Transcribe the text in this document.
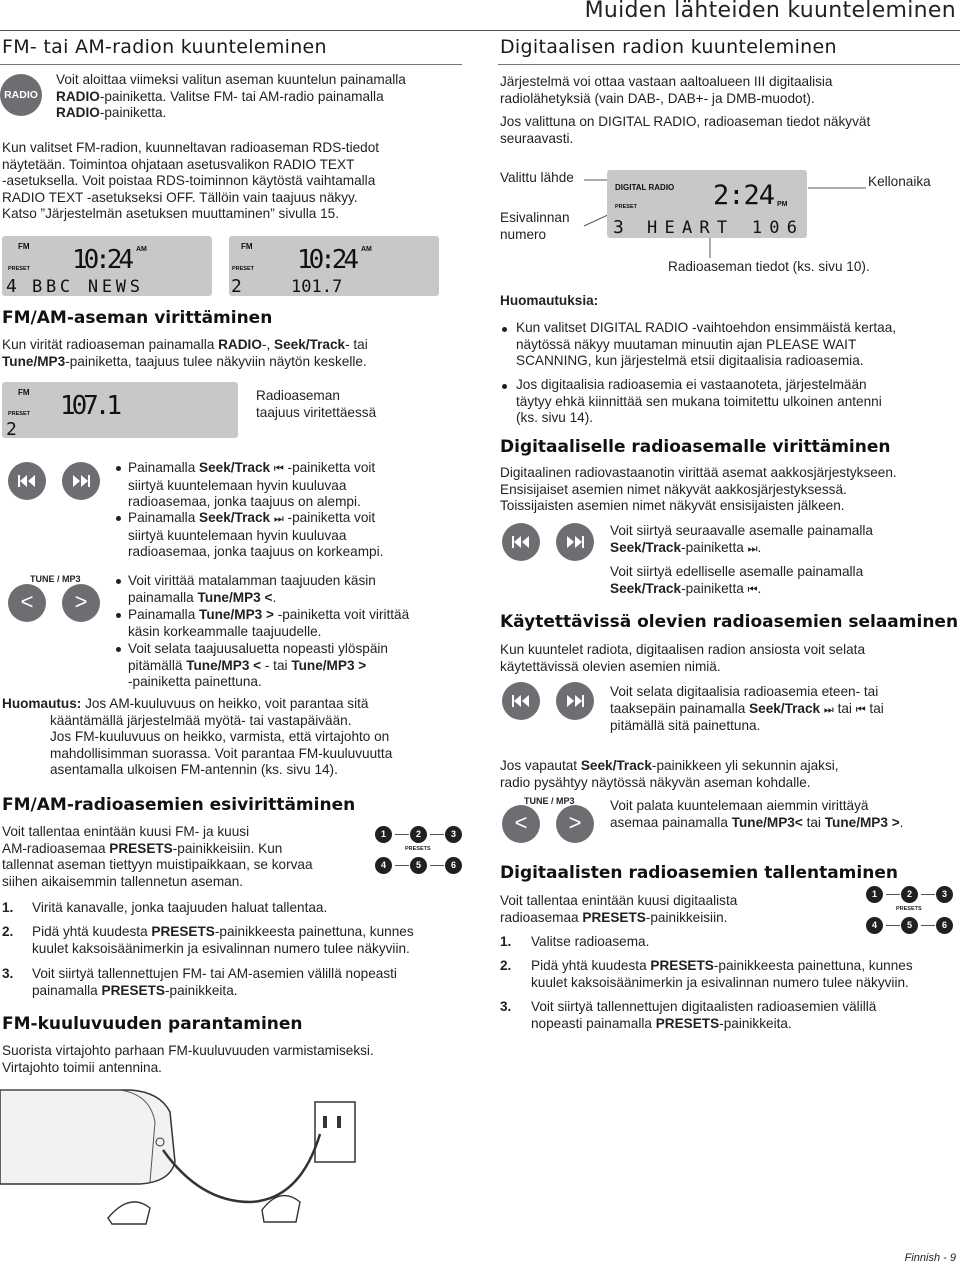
Muiden lähteiden kuunteleminen
FM- tai AM-radion kuunteleminen
RADIO
Voit aloittaa viimeksi valitun aseman kuuntelun painamalla
RADIO-painiketta. Valitse FM- tai AM-radio painamalla
RADIO-painiketta.
Kun valitset FM-radion, kuunneltavan radioaseman RDS-tiedot
näytetään. Toimintoa ohjataan asetusvalikon RADIO TEXT
-asetuksella. Voit poistaa RDS-toiminnon käytöstä vaihtamalla
RADIO TEXT -asetukseksi OFF. Tällöin vain taajuus näkyy.
Katso ”Järjestelmän asetuksen muuttaminen” sivulla 15.
FM
PRESET 10:24 AM
4 BBC NEWS
FM
PRESET 10:24 AM
2	101.7
FM/AM-aseman virittäminen
Kun virität radioaseman painamalla RADIO-, Seek/Track- tai
Tune/MP3-painiketta, taajuus tulee näkyviin näytön keskelle.
FM
PRESET 107.1
2
Radioaseman
taajuus viritettäessä
Painamalla Seek/Track ⏮ -painiketta voit
siirtyä kuuntelemaan hyvin kuuluvaa
radioasemaa, jonka taajuus on alempi.
Painamalla Seek/Track ⏭ -painiketta voit
siirtyä kuuntelemaan hyvin kuuluvaa
radioasemaa, jonka taajuus on korkeampi.
TUNE / MP3
<	>
Voit virittää matalamman taajuuden käsin
painamalla Tune/MP3 <.
Painamalla Tune/MP3 > -painiketta voit virittää
käsin korkeammalle taajuudelle.
Voit selata taajuusaluetta nopeasti ylöspäin
pitämällä Tune/MP3 < - tai Tune/MP3 >
-painiketta painettuna.
Huomautus: Jos AM-kuuluvuus on heikko, voit parantaa sitä
kääntämällä järjestelmää myötä- tai vastapäivään.
Jos FM-kuuluvuus on heikko, varmista, että virtajohto on
mahdollisimman suorassa. Voit parantaa FM-kuuluvuutta
asentamalla ulkoisen FM-antennin (ks. sivu 14).
FM/AM-radioasemien esivirittäminen
Voit tallentaa enintään kuusi FM- ja kuusi
AM-radioasemaa PRESETS-painikkeisiin. Kun
tallennat aseman tiettyyn muistipaikkaan, se korvaa
siihen aikaisemmin tallennetun aseman.
1	2	3
4	5	6
PRESETS
1. Viritä kanavalle, jonka taajuuden haluat tallentaa.
2. Pidä yhtä kuudesta PRESETS-painikkeesta painettuna, kunnes
kuulet kaksoisäänimerkin ja esivalinnan numero tulee näkyviin.
3. Voit siirtyä tallennettujen FM- tai AM-asemien välillä nopeasti
painamalla PRESETS-painikkeita.
FM-kuuluvuuden parantaminen
Suorista virtajohto parhaan FM-kuuluvuuden varmistamiseksi.
Virtajohto toimii antennina.
Digitaalisen radion kuunteleminen
Järjestelmä voi ottaa vastaan aaltoalueen III digitaalisia
radiolähetyksiä (vain DAB-, DAB+- ja DMB-muodot).
Jos valittuna on DIGITAL RADIO, radioaseman tiedot näkyvät
seuraavasti.
Valittu lähde
Esivalinnan
numero
Kellonaika
Radioaseman tiedot (ks. sivu 10).
DIGITAL RADIO
PRESET	2:24 PM
3 HEART 106
Huomautuksia:
Kun valitset DIGITAL RADIO -vaihtoehdon ensimmäistä kertaa,
näytössä näkyy muutaman minuutin ajan PLEASE WAIT
SCANNING, kun järjestelmä etsii digitaalisia radioasemia.
Jos digitaalisia radioasemia ei vastaanoteta, järjestelmään
täytyy ehkä kiinnittää sen mukana toimitettu ulkoinen antenni
(ks. sivu 14).
Digitaaliselle radioasemalle virittäminen
Digitaalinen radiovastaanotin virittää asemat aakkosjärjestykseen.
Ensisijaiset asemien nimet näkyvät aakkosjärjestyksessä.
Toissijaisten asemien nimet näkyvät ensisijaisten jälkeen.
Voit siirtyä seuraavalle asemalle painamalla
Seek/Track-painiketta ⏭.
Voit siirtyä edelliselle asemalle painamalla
Seek/Track-painiketta ⏮.
Käytettävissä olevien radioasemien selaaminen
Kun kuuntelet radiota, digitaalisen radion ansiosta voit selata
käytettävissä olevien asemien nimiä.
Voit selata digitaalisia radioasemia eteen- tai
taaksepäin painamalla Seek/Track ⏭ tai ⏮ tai
pitämällä sitä painettuna.
Jos vapautat Seek/Track-painikkeen yli sekunnin ajaksi,
radio pysähtyy näytössä näkyvän aseman kohdalle.
TUNE / MP3
<	>
Voit palata kuuntelemaan aiemmin virittäyä
asemaa painamalla Tune/MP3< tai Tune/MP3 >.
Digitaalisten radioasemien tallentaminen
Voit tallentaa enintään kuusi digitaalista
radioasemaa PRESETS-painikkeisiin.
1	2	3
4	5	6
PRESETS
1. Valitse radioasema.
2. Pidä yhtä kuudesta PRESETS-painikkeesta painettuna, kunnes
kuulet kaksoisäänimerkin ja esivalinnan numero tulee näkyviin.
3. Voit siirtyä tallennettujen digitaalisten radioasemien välillä
nopeasti painamalla PRESETS-painikkeita.
Finnish - 9
